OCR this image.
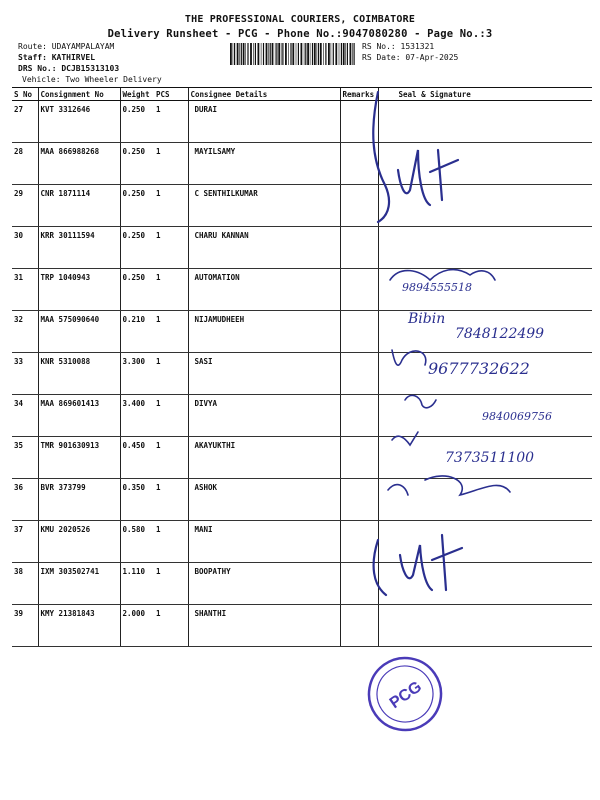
THE PROFESSIONAL COURIERS, COIMBATORE
Delivery Runsheet - PCG - Phone No.:9047080280 - Page No.:3
Route: UDAYAMPALAYAM
Staff: KATHIRVEL
DRS No.: DCJB15313103
Vehicle: Two Wheeler Delivery
RS No.: 1531321
RS Date: 07-Apr-2025
S No	Consignment No	Weight	PCS	Consignee Details	Remarks	Seal & Signature
27	KVT 3312646	0.250	1	DURAI		
28	MAA 866988268	0.250	1	MAYILSAMY		
29	CNR 1871114	0.250	1	C SENTHILKUMAR		
30	KRR 30111594	0.250	1	CHARU KANNAN		
31	TRP 1040943	0.250	1	AUTOMATION		
32	MAA 575090640	0.210	1	NIJAMUDHEEH		
33	KNR 5310088	3.300	1	SASI		
34	MAA 869601413	3.400	1	DIVYA		
35	TMR 901630913	0.450	1	AKAYUKTHI		
36	BVR 373799	0.350	1	ASHOK		
37	KMU 2020526	0.580	1	MANI		
38	IXM 303502741	1.110	1	BOOPATHY		
39	KMY 21381843	2.000	1	SHANTHI		
9894555518
Bibin
7848122499
9677732622
9840069756
7373511100
PCG
